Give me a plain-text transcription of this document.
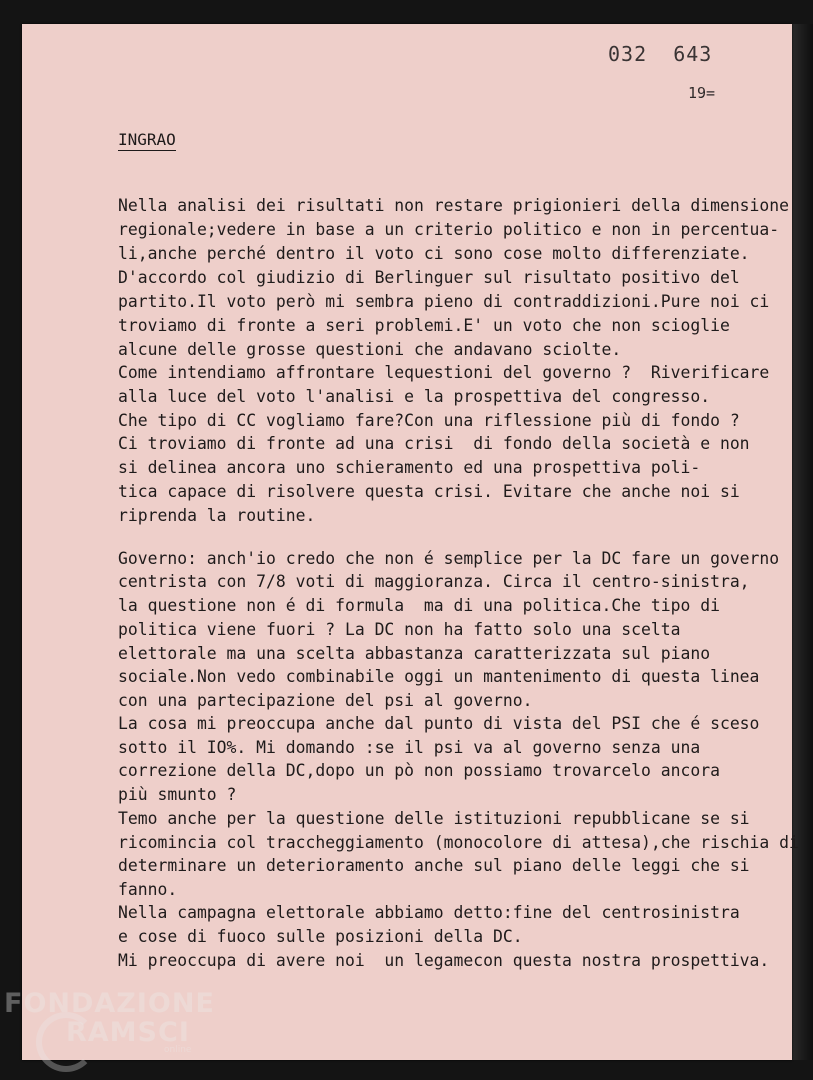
032  643
19=
INGRAO
Nella analisi dei risultati non restare prigionieri della dimensione
regionale;vedere in base a un criterio politico e non in percentua-
li,anche perché dentro il voto ci sono cose molto differenziate.
D'accordo col giudizio di Berlinguer sul risultato positivo del
partito.Il voto però mi sembra pieno di contraddizioni.Pure noi ci
troviamo di fronte a seri problemi.E' un voto che non scioglie
alcune delle grosse questioni che andavano sciolte.
Come intendiamo affrontare lequestioni del governo ?  Riverificare
alla luce del voto l'analisi e la prospettiva del congresso.
Che tipo di CC vogliamo fare?Con una riflessione più di fondo ?
Ci troviamo di fronte ad una crisi  di fondo della società e non
si delinea ancora uno schieramento ed una prospettiva poli-
tica capace di risolvere questa crisi. Evitare che anche noi si
riprenda la routine.
Governo: anch'io credo che non é semplice per la DC fare un governo
centrista con 7/8 voti di maggioranza. Circa il centro-sinistra,
la questione non é di formula  ma di una politica.Che tipo di
politica viene fuori ? La DC non ha fatto solo una scelta
elettorale ma una scelta abbastanza caratterizzata sul piano
sociale.Non vedo combinabile oggi un mantenimento di questa linea
con una partecipazione del psi al governo.
La cosa mi preoccupa anche dal punto di vista del PSI che é sceso
sotto il IO%. Mi domando :se il psi va al governo senza una
correzione della DC,dopo un pò non possiamo trovarcelo ancora
più smunto ?
Temo anche per la questione delle istituzioni repubblicane se si
ricomincia col traccheggiamento (monocolore di attesa),che rischia di
determinare un deterioramento anche sul piano delle leggi che si
fanno.
Nella campagna elettorale abbiamo detto:fine del centrosinistra
e cose di fuoco sulle posizioni della DC.
Mi preoccupa di avere noi  un legamecon questa nostra prospettiva.
FONDAZIONE
RAMSCI
online
